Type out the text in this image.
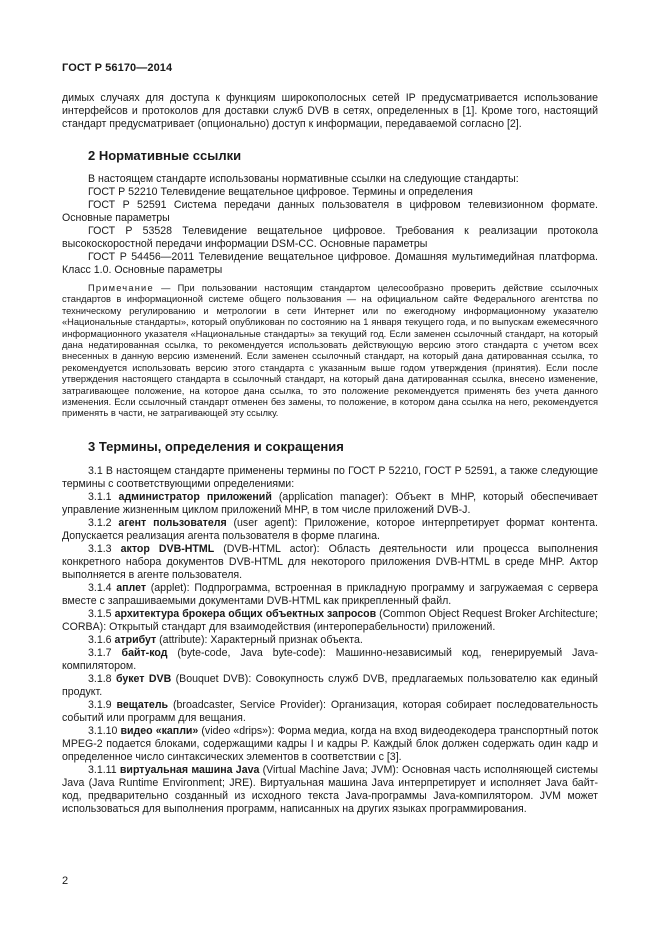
ГОСТ Р 56170—2014

димых случаях для доступа к функциям широкополосных сетей IP предусматривается использование интерфейсов и протоколов для доставки служб DVB в сетях, определенных в [1]. Кроме того, настоящий стандарт предусматривает (опционально) доступ к информации, передаваемой согласно [2].

2 Нормативные ссылки

В настоящем стандарте использованы нормативные ссылки на следующие стандарты:

ГОСТ Р 52210 Телевидение вещательное цифровое. Термины и определения

ГОСТ Р 52591 Система передачи данных пользователя в цифровом телевизионном формате. Основные параметры

ГОСТ Р 53528 Телевидение вещательное цифровое. Требования к реализации протокола высокоскоростной передачи информации DSM-CC. Основные параметры

ГОСТ Р 54456—2011 Телевидение вещательное цифровое. Домашняя мультимедийная платформа. Класс 1.0. Основные параметры

Примечание — При пользовании настоящим стандартом целесообразно проверить действие ссылочных стандартов в информационной системе общего пользования — на официальном сайте Федерального агентства по техническому регулированию и метрологии в сети Интернет или по ежегодному информационному указателю «Национальные стандарты», который опубликован по состоянию на 1 января текущего года, и по выпускам ежемесячного информационного указателя «Национальные стандарты» за текущий год. Если заменен ссылочный стандарт, на который дана недатированная ссылка, то рекомендуется использовать действующую версию этого стандарта с учетом всех внесенных в данную версию изменений. Если заменен ссылочный стандарт, на который дана датированная ссылка, то рекомендуется использовать версию этого стандарта с указанным выше годом утверждения (принятия). Если после утверждения настоящего стандарта в ссылочный стандарт, на который дана датированная ссылка, внесено изменение, затрагивающее положение, на которое дана ссылка, то это положение рекомендуется применять без учета данного изменения. Если ссылочный стандарт отменен без замены, то положение, в котором дана ссылка на него, рекомендуется применять в части, не затрагивающей эту ссылку.

3 Термины, определения и сокращения

3.1 В настоящем стандарте применены термины по ГОСТ Р 52210, ГОСТ Р 52591, а также следующие термины с соответствующими определениями:

3.1.1 администратор приложений (application manager): Объект в MHP, который обеспечивает управление жизненным циклом приложений MHP, в том числе приложений DVB-J.

3.1.2 агент пользователя (user agent): Приложение, которое интерпретирует формат контента. Допускается реализация агента пользователя в форме плагина.

3.1.3 актор DVB-HTML (DVB-HTML actor): Область деятельности или процесса выполнения конкретного набора документов DVB-HTML для некоторого приложения DVB-HTML в среде MHP. Актор выполняется в агенте пользователя.

3.1.4 аплет (applet): Подпрограмма, встроенная в прикладную программу и загружаемая с сервера вместе с запрашиваемыми документами DVB-HTML как прикрепленный файл.

3.1.5 архитектура брокера общих объектных запросов (Common Object Request Broker Architecture; CORBA): Открытый стандарт для взаимодействия (интероперабельности) приложений.

3.1.6 атрибут (attribute): Характерный признак объекта.

3.1.7 байт-код (byte-code, Java byte-code): Машинно-независимый код, генерируемый Java-компилятором.

3.1.8 букет DVB (Bouquet DVB): Совокупность служб DVB, предлагаемых пользователю как единый продукт.

3.1.9 вещатель (broadcaster, Service Provider): Организация, которая собирает последовательность событий или программ для вещания.

3.1.10 видео «капли» (video «drips»): Форма медиа, когда на вход видеодекодера транспортный поток MPEG-2 подается блоками, содержащими кадры I и кадры P. Каждый блок должен содержать один кадр и определенное число синтаксических элементов в соответствии с [3].

3.1.11 виртуальная машина Java (Virtual Machine Java; JVM): Основная часть исполняющей системы Java (Java Runtime Environment; JRE). Виртуальная машина Java интерпретирует и исполняет Java байт-код, предварительно созданный из исходного текста Java-программы Java-компилятором. JVM может использоваться для выполнения программ, написанных на других языках программирования.

2
